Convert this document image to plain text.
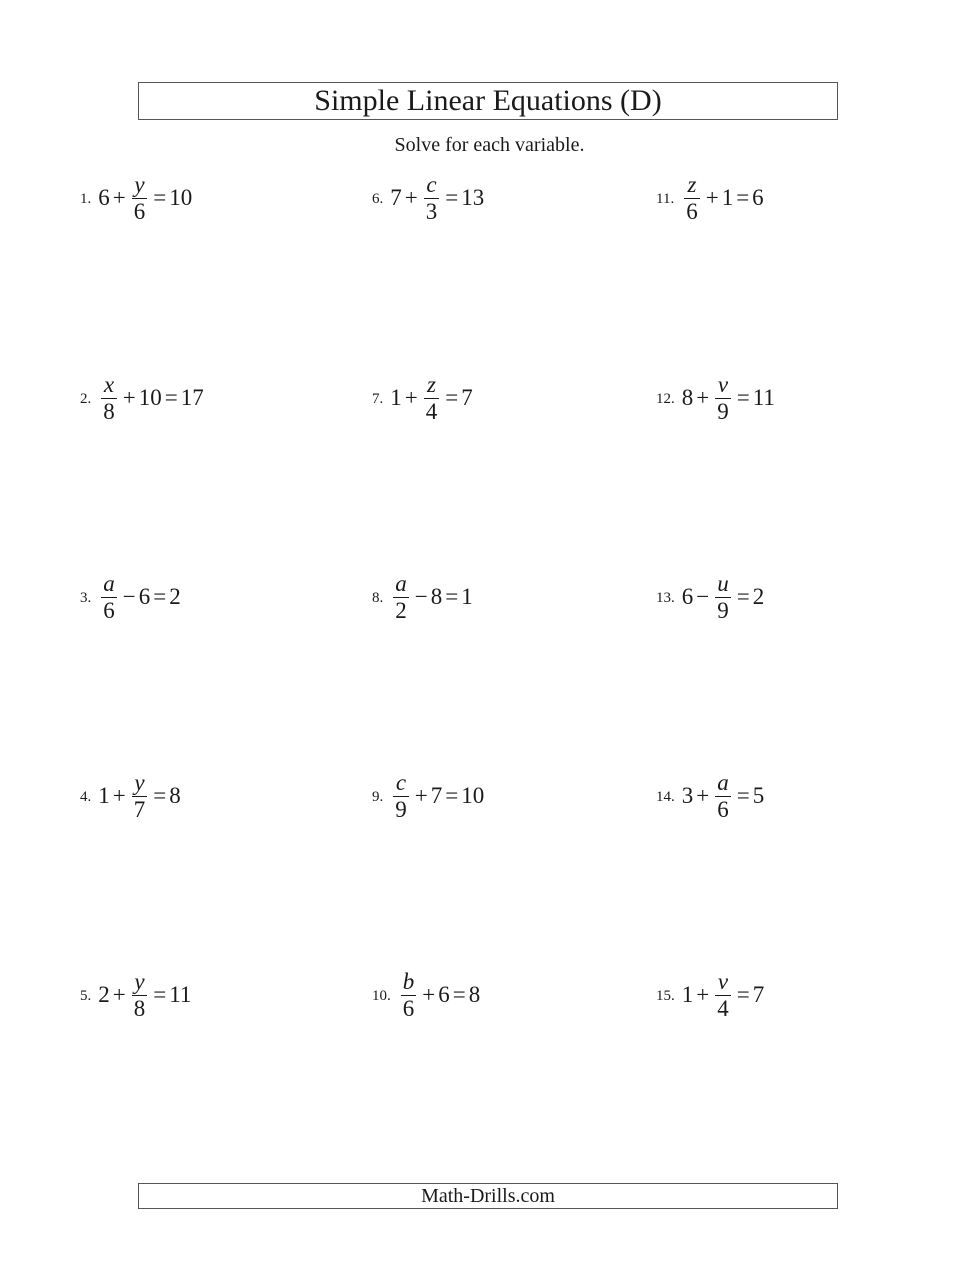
Simple Linear Equations (D)
Solve for each variable.
1. $6 + \frac{y}{6} = 10$
2. $\frac{x}{8} + 10 = 17$
3. $\frac{a}{6} - 6 = 2$
4. $1 + \frac{y}{7} = 8$
5. $2 + \frac{y}{8} = 11$
6. $7 + \frac{c}{3} = 13$
7. $1 + \frac{z}{4} = 7$
8. $\frac{a}{2} - 8 = 1$
9. $\frac{c}{9} + 7 = 10$
10. $\frac{b}{6} + 6 = 8$
11. $\frac{z}{6} + 1 = 6$
12. $8 + \frac{v}{9} = 11$
13. $6 - \frac{u}{9} = 2$
14. $3 + \frac{a}{6} = 5$
15. $1 + \frac{v}{4} = 7$
Math-Drills.com
